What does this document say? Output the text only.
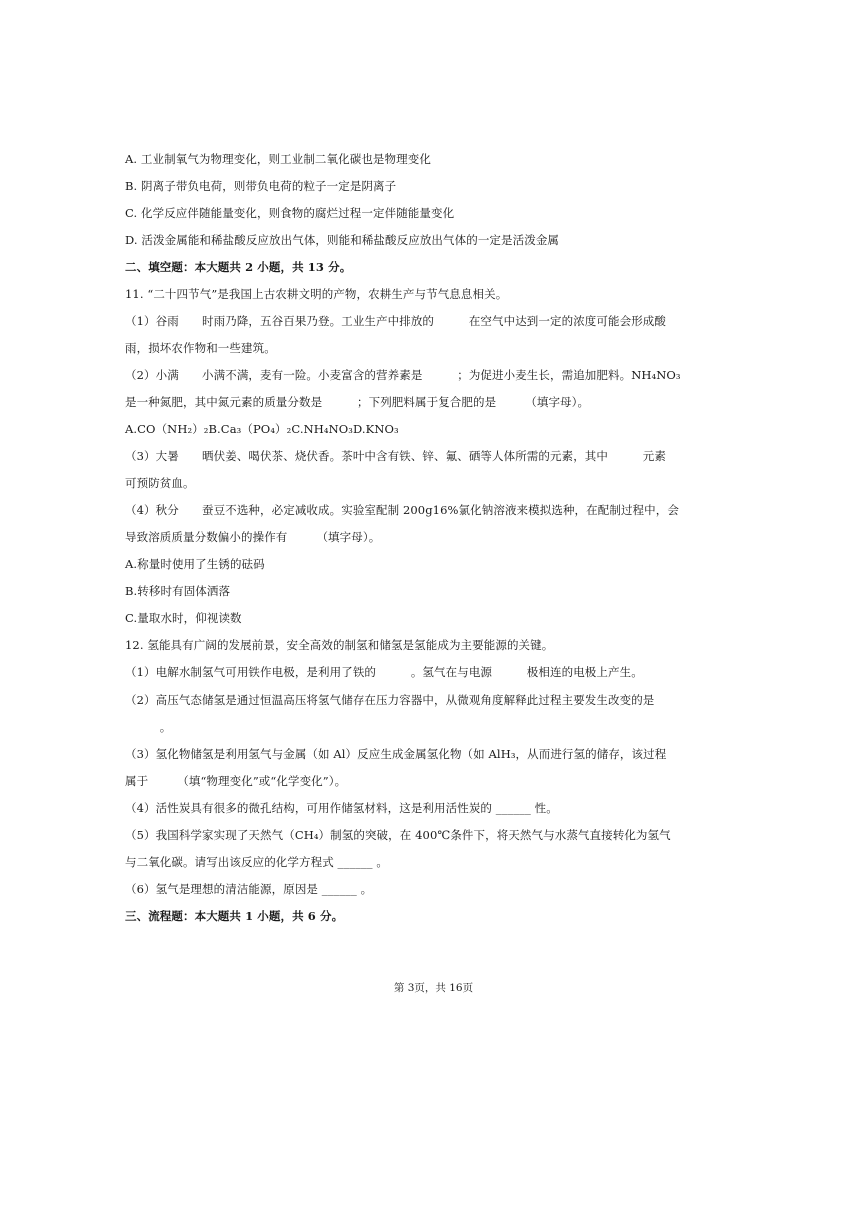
A. 工业制氧气为物理变化，则工业制二氧化碳也是物理变化
B. 阴离子带负电荷，则带负电荷的粒子一定是阴离子
C. 化学反应伴随能量变化，则食物的腐烂过程一定伴随能量变化
D. 活泼金属能和稀盐酸反应放出气体，则能和稀盐酸反应放出气体的一定是活泼金属
二、填空题：本大题共 2 小题，共 13 分。
11. “二十四节气”是我国上古农耕文明的产物，农耕生产与节气息息相关。
（1）谷雨　　时雨乃降，五谷百果乃登。工业生产中排放的　　　在空气中达到一定的浓度可能会形成酸
雨，损坏农作物和一些建筑。
（2）小满　　小满不满，麦有一险。小麦富含的营养素是　　　；为促进小麦生长，需追加肥料。NH₄NO₃
是一种氮肥，其中氮元素的质量分数是　　　；下列肥料属于复合肥的是　　　（填字母）。
A.CO（NH₂）₂B.Ca₃（PO₄）₂C.NH₄NO₃D.KNO₃
（3）大暑　　晒伏姜、喝伏茶、烧伏香。茶叶中含有铁、锌、氟、硒等人体所需的元素，其中　　　元素
可预防贫血。
（4）秋分　　蚕豆不选种，必定减收成。实验室配制 200g16%氯化钠溶液来模拟选种，在配制过程中，会
导致溶质质量分数偏小的操作有　　　（填字母）。
A.称量时使用了生锈的砝码
B.转移时有固体洒落
C.量取水时，仰视读数
12. 氢能具有广阔的发展前景，安全高效的制氢和储氢是氢能成为主要能源的关键。
（1）电解水制氢气可用铁作电极，是利用了铁的　　　。氢气在与电源　　　极相连的电极上产生。
（2）高压气态储氢是通过恒温高压将氢气储存在压力容器中，从微观角度解释此过程主要发生改变的是
　　　。
（3）氢化物储氢是利用氢气与金属（如 Al）反应生成金属氢化物（如 AlH₃，从而进行氢的储存，该过程
属于　　　（填“物理变化”或“化学变化”）。
（4）活性炭具有很多的微孔结构，可用作储氢材料，这是利用活性炭的 ______ 性。
（5）我国科学家实现了天然气（CH₄）制氢的突破，在 400℃条件下，将天然气与水蒸气直接转化为氢气
与二氧化碳。请写出该反应的化学方程式 ______ 。
（6）氢气是理想的清洁能源，原因是 ______ 。
三、流程题：本大题共 1 小题，共 6 分。
第 3页，共 16页
